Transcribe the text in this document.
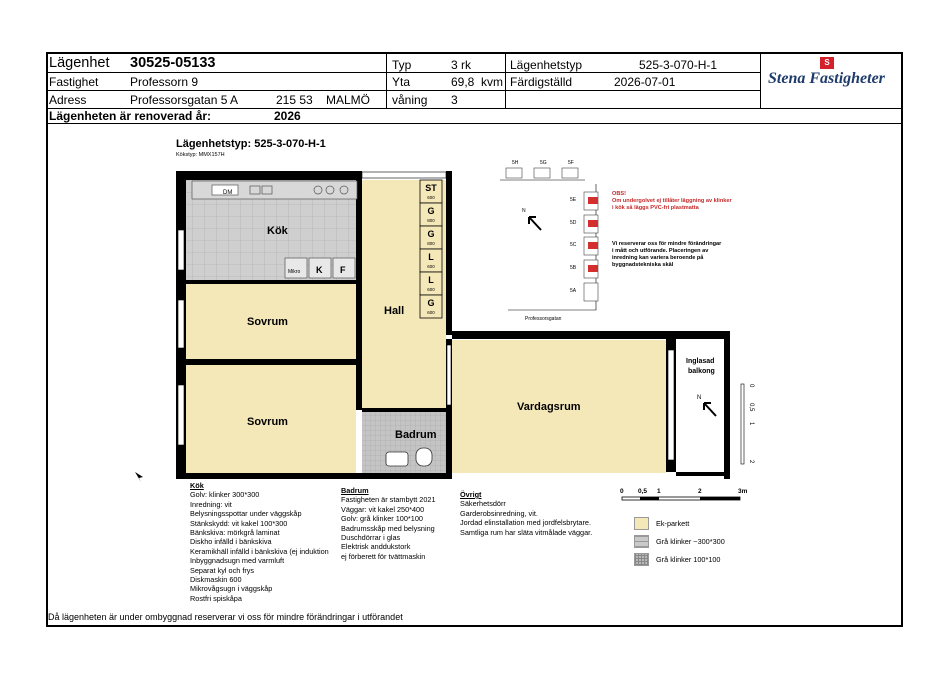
Lägenhet 30525-05133
Fastighet	Professorn 9
Adress	Professorsgatan 5 A	215 53 MALMÖ
Typ	3 rk
Yta	69,8 kvm
våning 3
Lägenhetstyp	525-3-070-H-1
Färdigställd	2026-07-01
S
Stena Fastigheter
Lägenheten är renoverad år:	2026
Lägenhetstyp: 525-3-070-H-1
Kökstyp: MMX157H
DM
Mikro K F
ST
600
G
800
G
800
L
600
L
600
G
600
Kök
Sovrum
Sovrum
Hall
Vardagsrum
Badrum
Inglasad balkong
N
0
0,5
1
2
0 0,5 1	2	3m
5H	5G	5F
5E
5D
5C
5B
5A
Professorsgatan
N
OBS!
Om undergolvet ej tillåter läggning av klinker
i kök så läggs PVC-fri plastmatta
Vi reserverar oss för mindre förändringar
i mått och utförande. Placeringen av
inredning kan variera beroende på
byggnadstekniska skäl
Kök
Golv: klinker 300*300
Inredning: vit
Belysningsspottar under väggskåp
Stänkskydd: vit kakel 100*300
Bänkskiva: mörkgrå laminat
Diskho infälld i bänkskiva
Keramikhäll infälld i bänkskiva (ej induktion
Inbyggnadsugn med varmluft
Separat kyl och frys
Diskmaskin 600
Mikrovågsugn i väggskåp
Rostfri spiskåpa
Badrum
Fastigheten är stambytt 2021
Väggar: vit kakel 250*400
Golv: grå klinker 100*100
Badrumsskåp med belysning
Duschdörrar i glas
Elektrisk anddukstork
ej förberett för tvättmaskin
Övrigt
Säkerhetsdörr
Garderobsinredning, vit.
Jordad elinstallation med jordfelsbrytare.
Samtliga rum har släta vitmålade väggar.
Ek-parkett
Grå klinker ~300*300
Grå klinker 100*100
Då lägenheten är under ombyggnad reserverar vi oss för mindre förändringar i utförandet
